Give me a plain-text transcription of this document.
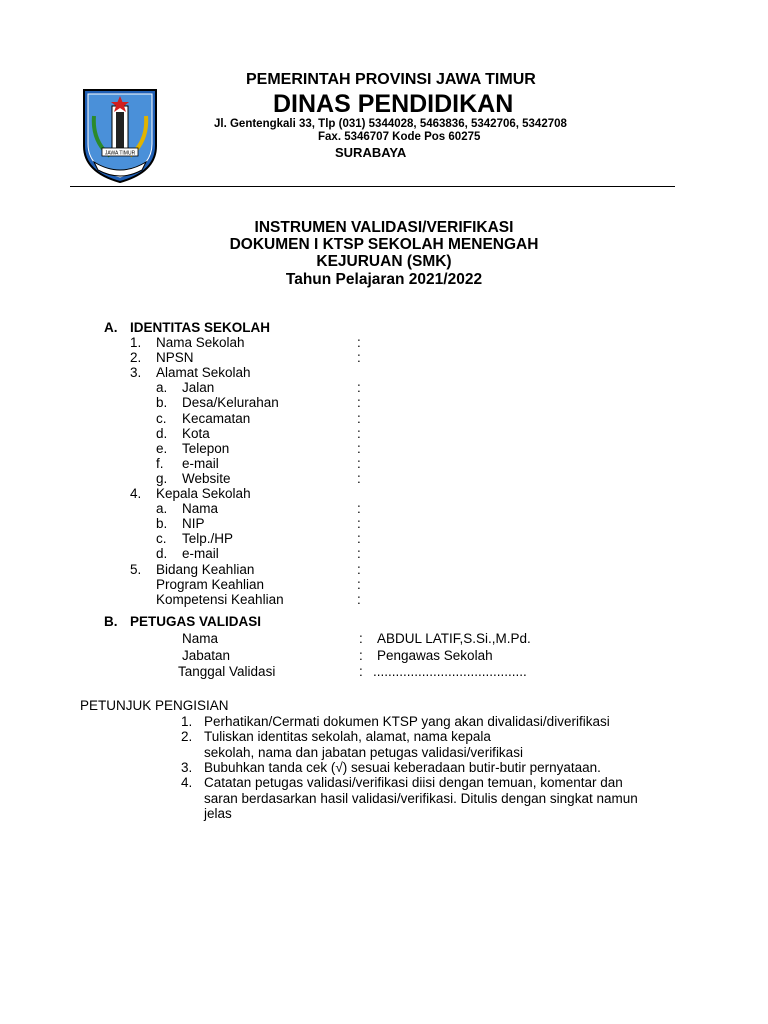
JAWA TIMUR
PEMERINTAH PROVINSI JAWA TIMUR
DINAS PENDIDIKAN
Jl. Gentengkali 33, Tlp (031) 5344028, 5463836, 5342706, 5342708
Fax. 5346707 Kode Pos 60275
SURABAYA
INSTRUMEN VALIDASI/VERIFIKASI
DOKUMEN I KTSP SEKOLAH MENENGAH
KEJURUAN (SMK)
Tahun Pelajaran 2021/2022
A. IDENTITAS SEKOLAH
1. Nama Sekolah	:
2. NPSN	:
3. Alamat Sekolah
a. Jalan	:
b. Desa/Kelurahan	:
c. Kecamatan	:
d. Kota	:
e. Telepon	:
f. e-mail	:
g. Website	:
4. Kepala Sekolah
a. Nama	:
b. NIP	:
c. Telp./HP	:
d. e-mail	:
5. Bidang Keahlian	:
Program Keahlian	:
Kompetensi Keahlian	:
B. PETUGAS VALIDASI
Nama	: ABDUL LATIF,S.Si.,M.Pd.
Jabatan	: Pengawas Sekolah
Tanggal Validasi	: .........................................
PETUNJUK PENGISIAN
1. Perhatikan/Cermati dokumen KTSP yang akan divalidasi/diverifikasi
2. Tuliskan identitas sekolah, alamat, nama kepala
sekolah, nama dan jabatan petugas validasi/verifikasi
3. Bubuhkan tanda cek (√) sesuai keberadaan butir-butir pernyataan.
4. Catatan petugas validasi/verifikasi diisi dengan temuan, komentar dan
saran berdasarkan hasil validasi/verifikasi. Ditulis dengan singkat namun
jelas
